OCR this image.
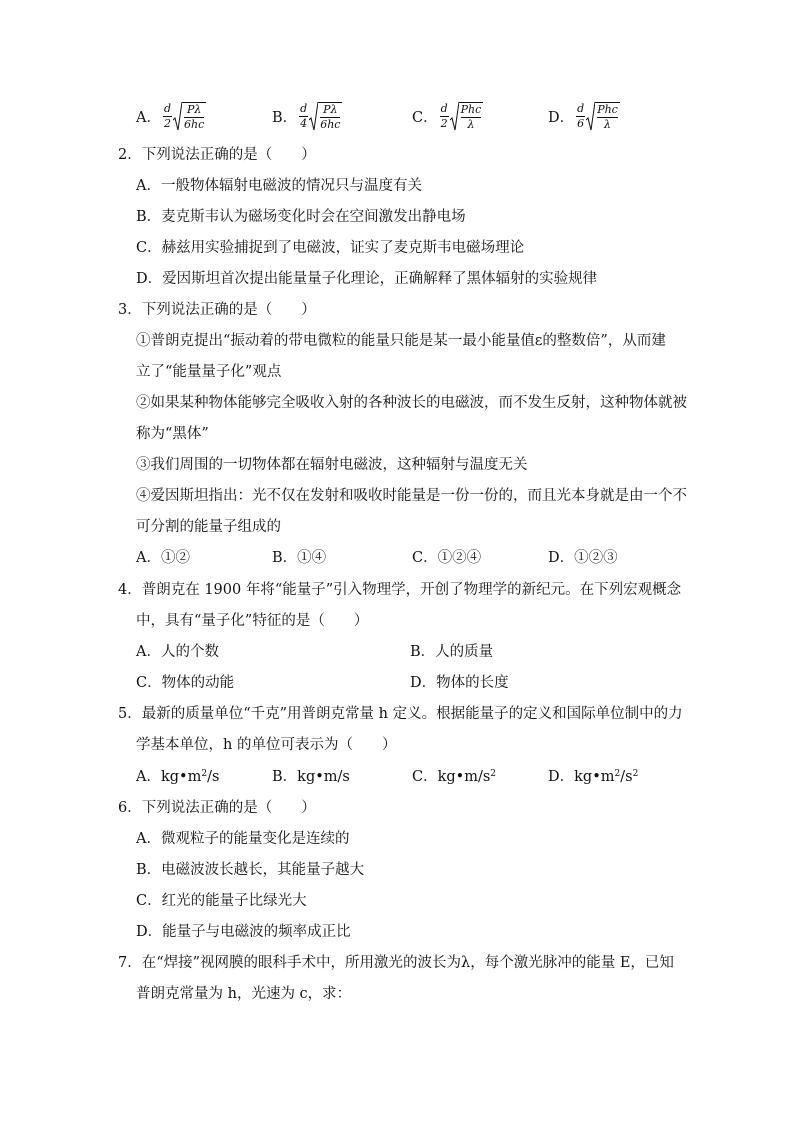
A． $\frac{d}{2}$ Pλ
6hc	B． $\frac{d}{4}$ Pλ
6hc	C． $\frac{d}{2}$ Phc
λ	D． $\frac{d}{6}$ Phc
λ
2．下列说法正确的是（　　）
A．一般物体辐射电磁波的情况只与温度有关
B．麦克斯韦认为磁场变化时会在空间激发出静电场
C．赫兹用实验捕捉到了电磁波，证实了麦克斯韦电磁场理论
D．爱因斯坦首次提出能量量子化理论，正确解释了黑体辐射的实验规律
3．下列说法正确的是（　　）
①普朗克提出“振动着的带电微粒的能量只能是某一最小能量值ε的整数倍”，从而建
立了“能量量子化”观点
②如果某种物体能够完全吸收入射的各种波长的电磁波，而不发生反射，这种物体就被
称为“黑体”
③我们周围的一切物体都在辐射电磁波，这种辐射与温度无关
④爱因斯坦指出：光不仅在发射和吸收时能量是一份一份的，而且光本身就是由一个不
可分割的能量子组成的
A．①②	B．①④	C．①②④	D．①②③
4．普朗克在 1900 年将“能量子”引入物理学，开创了物理学的新纪元。在下列宏观概念
中，具有“量子化”特征的是（　　）
A．人的个数	B．人的质量
C．物体的动能	D．物体的长度
5．最新的质量单位“千克”用普朗克常量 h 定义。根据能量子的定义和国际单位制中的力
学基本单位，h 的单位可表示为（　　）
A．$kg•m^2/s$	B．kg•m/s	C．$kg•m/s^2$	D．$kg•m^2/s^2$
6．下列说法正确的是（　　）
A．微观粒子的能量变化是连续的
B．电磁波波长越长，其能量子越大
C．红光的能量子比绿光大
D．能量子与电磁波的频率成正比
7．在“焊接”视网膜的眼科手术中，所用激光的波长为λ，每个激光脉冲的能量 E，已知
普朗克常量为 h，光速为 c，求：
